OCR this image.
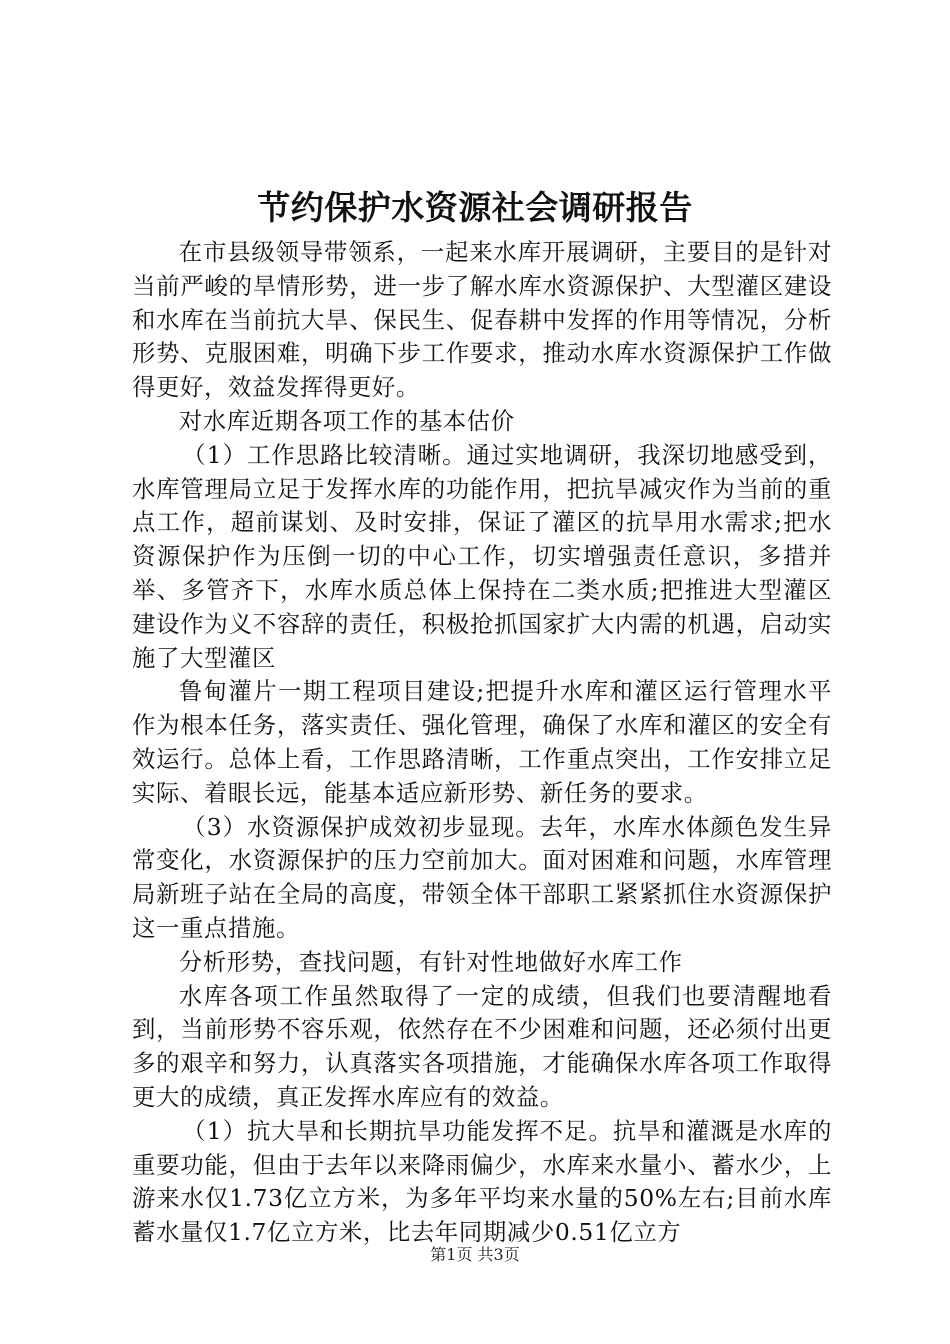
节约保护水资源社会调研报告

在市县级领导带领系，一起来水库开展调研，主要目的是针对当前严峻的旱情形势，进一步了解水库水资源保护、大型灌区建设和水库在当前抗大旱、保民生、促春耕中发挥的作用等情况，分析形势、克服困难，明确下步工作要求，推动水库水资源保护工作做得更好，效益发挥得更好。

对水库近期各项工作的基本估价

（1）工作思路比较清晰。通过实地调研，我深切地感受到，水库管理局立足于发挥水库的功能作用，把抗旱减灾作为当前的重点工作，超前谋划、及时安排，保证了灌区的抗旱用水需求;把水资源保护作为压倒一切的中心工作，切实增强责任意识，多措并举、多管齐下，水库水质总体上保持在二类水质;把推进大型灌区建设作为义不容辞的责任，积极抢抓国家扩大内需的机遇，启动实施了大型灌区

鲁甸灌片一期工程项目建设;把提升水库和灌区运行管理水平作为根本任务，落实责任、强化管理，确保了水库和灌区的安全有效运行。总体上看，工作思路清晰，工作重点突出，工作安排立足实际、着眼长远，能基本适应新形势、新任务的要求。

（3）水资源保护成效初步显现。去年，水库水体颜色发生异常变化，水资源保护的压力空前加大。面对困难和问题，水库管理局新班子站在全局的高度，带领全体干部职工紧紧抓住水资源保护这一重点措施。

分析形势，查找问题，有针对性地做好水库工作

水库各项工作虽然取得了一定的成绩，但我们也要清醒地看到，当前形势不容乐观，依然存在不少困难和问题，还必须付出更多的艰辛和努力，认真落实各项措施，才能确保水库各项工作取得更大的成绩，真正发挥水库应有的效益。

（1）抗大旱和长期抗旱功能发挥不足。抗旱和灌溉是水库的重要功能，但由于去年以来降雨偏少，水库来水量小、蓄水少，上游来水仅1.73亿立方米，为多年平均来水量的50%左右;目前水库蓄水量仅1.7亿立方米，比去年同期减少0.51亿立方

第1页 共3页
